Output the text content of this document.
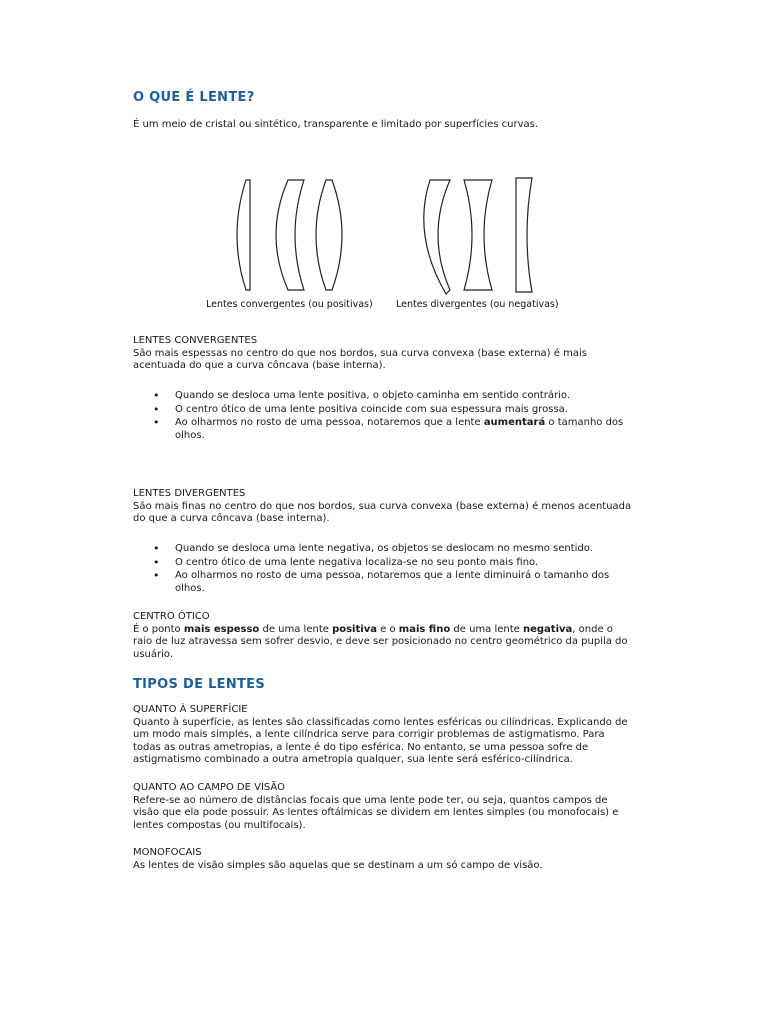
O QUE É LENTE?

É um meio de cristal ou sintético, transparente e limitado por superfícies curvas.

Lentes convergentes (ou positivas) Lentes divergentes (ou negativas)
LENTES CONVERGENTES
São mais espessas no centro do que nos bordos, sua curva convexa (base externa) é mais acentuada do que a curva côncava (base interna).
• Quando se desloca uma lente positiva, o objeto caminha em sentido contrário.
• O centro ótico de uma lente positiva coincide com sua espessura mais grossa.
• Ao olharmos no rosto de uma pessoa, notaremos que a lente aumentará o tamanho dos olhos.
LENTES DIVERGENTES
São mais finas no centro do que nos bordos, sua curva convexa (base externa) é menos acentuada do que a curva côncava (base interna).
• Quando se desloca uma lente negativa, os objetos se deslocam no mesmo sentido.
• O centro ótico de uma lente negativa localiza-se no seu ponto mais fino.
• Ao olharmos no rosto de uma pessoa, notaremos que a lente diminuirá o tamanho dos olhos.
CENTRO ÓTICO
É o ponto mais espesso de uma lente positiva e o mais fino de uma lente negativa, onde o raio de luz atravessa sem sofrer desvio, e deve ser posicionado no centro geométrico da pupila do usuário.
TIPOS DE LENTES
QUANTO À SUPERFÍCIE
Quanto à superfície, as lentes são classificadas como lentes esféricas ou cilíndricas. Explicando de um modo mais simples, a lente cilíndrica serve para corrigir problemas de astigmatismo. Para todas as outras ametropias, a lente é do tipo esférica. No entanto, se uma pessoa sofre de astigmatismo combinado a outra ametropia qualquer, sua lente será esférico-cilíndrica.
QUANTO AO CAMPO DE VISÃO
Refere-se ao número de distâncias focais que uma lente pode ter, ou seja, quantos campos de visão que ela pode possuir. As lentes oftálmicas se dividem em lentes simples (ou monofocais) e lentes compostas (ou multifocais).
MONOFOCAIS
As lentes de visão simples são aquelas que se destinam a um só campo de visão.
